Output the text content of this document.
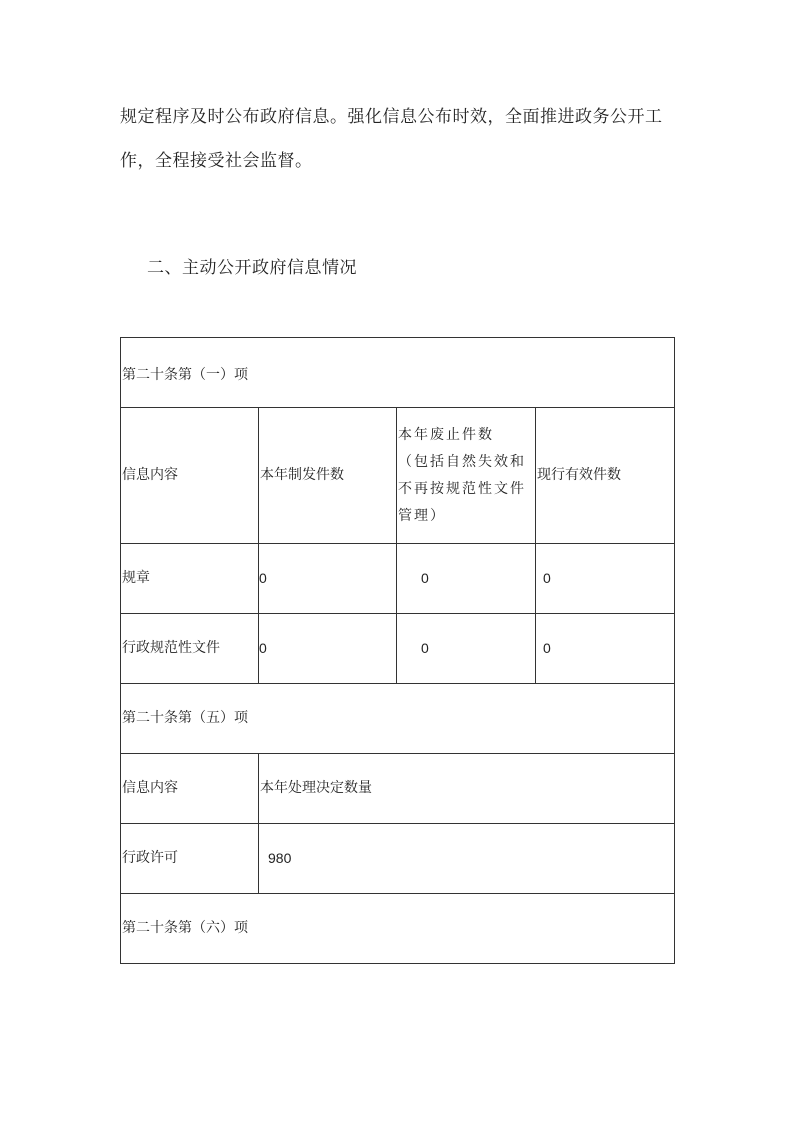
规定程序及时公布政府信息。强化信息公布时效，全面推进政务公开工
作，全程接受社会监督。
二、主动公开政府信息情况
第二十条第（一）项			

信息内容	本年制发件数	本年废止件数
（包括自然失效和
不再按规范性文件
管理）	现行有效件数
规章	0	0	0
行政规范性文件	0	0	0
第二十条第（五）项			
信息内容	本年处理决定数量		
行政许可	980		
第二十条第（六）项			
